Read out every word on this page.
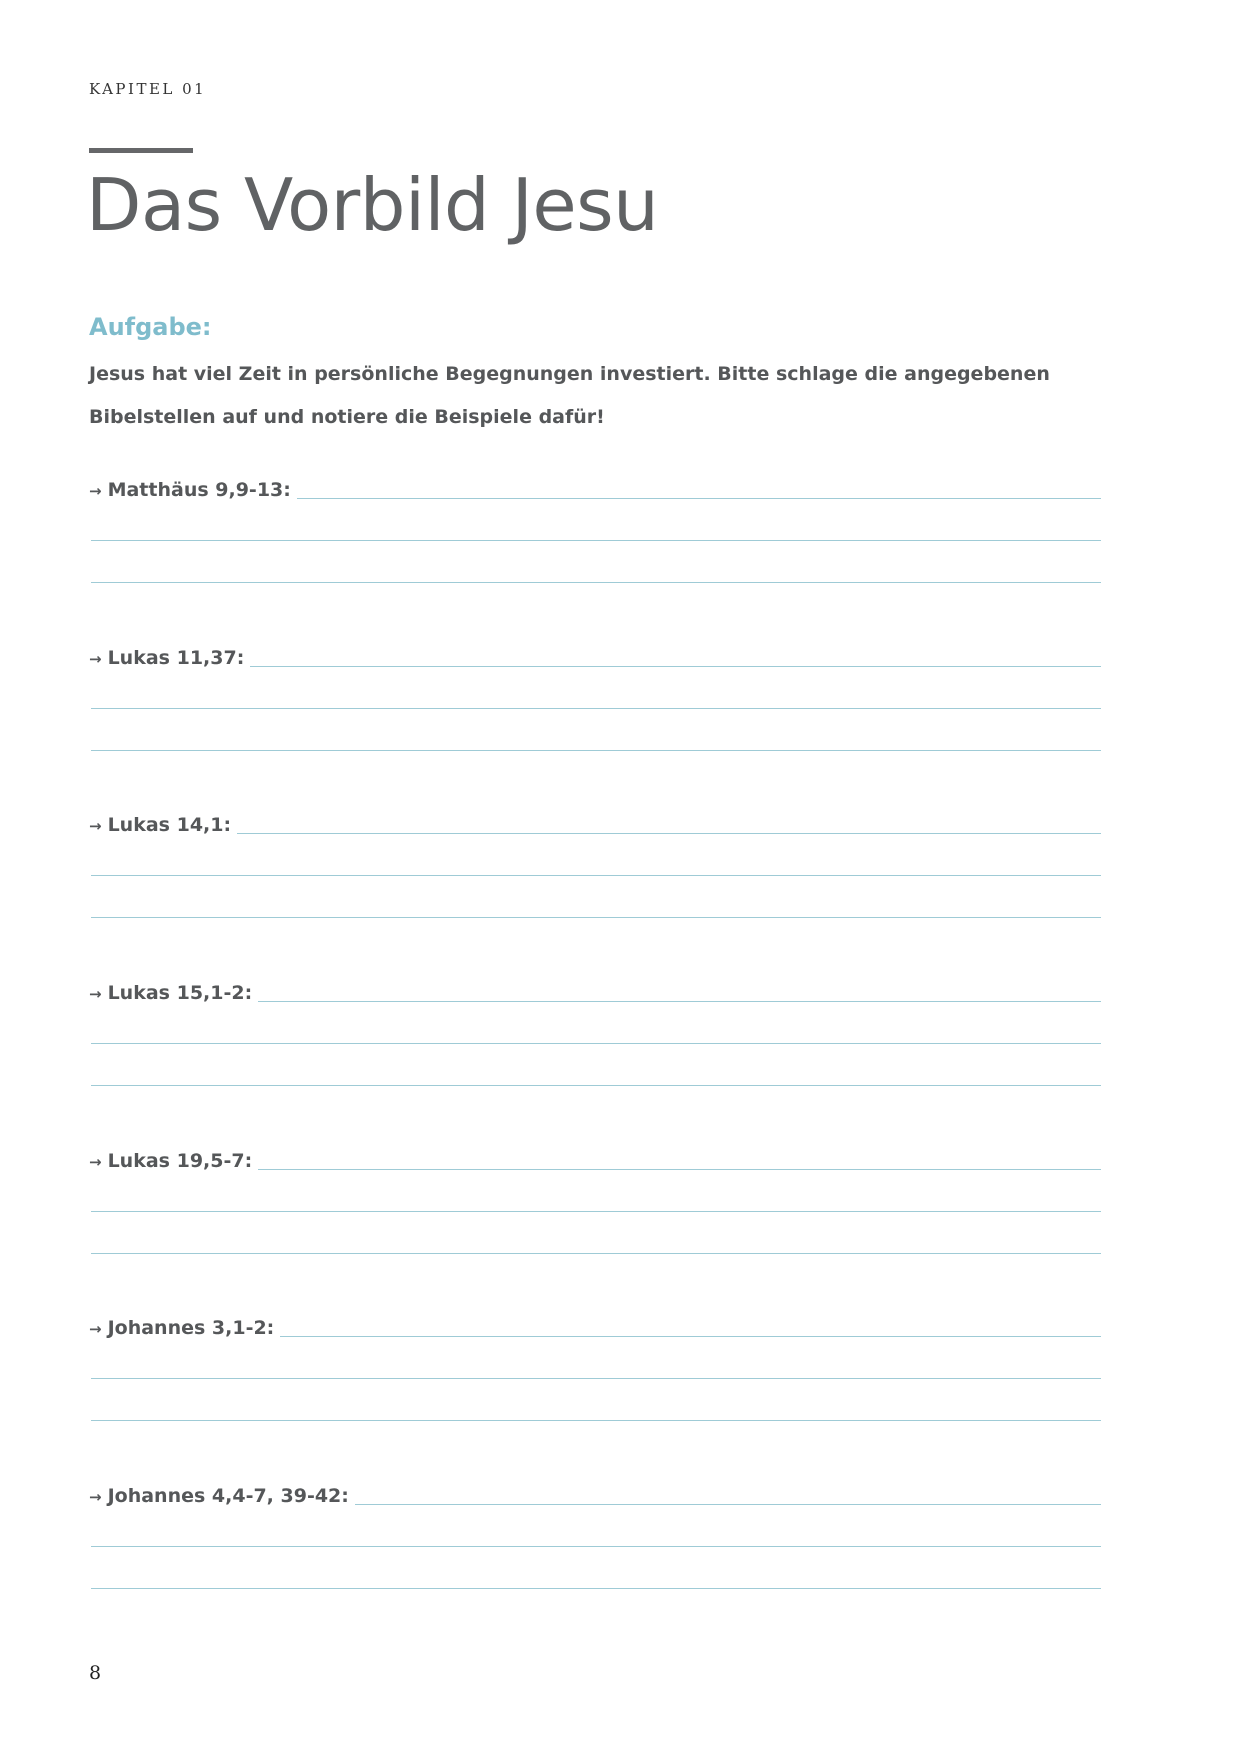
KAPITEL 01
Das Vorbild Jesu
Aufgabe:
Jesus hat viel Zeit in persönliche Begegnungen investiert. Bitte schlage die angegebenen Bibelstellen auf und notiere die Beispiele dafür!
→ Matthäus 9,9-13:
→ Lukas 11,37:
→ Lukas 14,1:
→ Lukas 15,1-2:
→ Lukas 19,5-7:
→ Johannes 3,1-2:
→ Johannes 4,4-7, 39-42:
8
